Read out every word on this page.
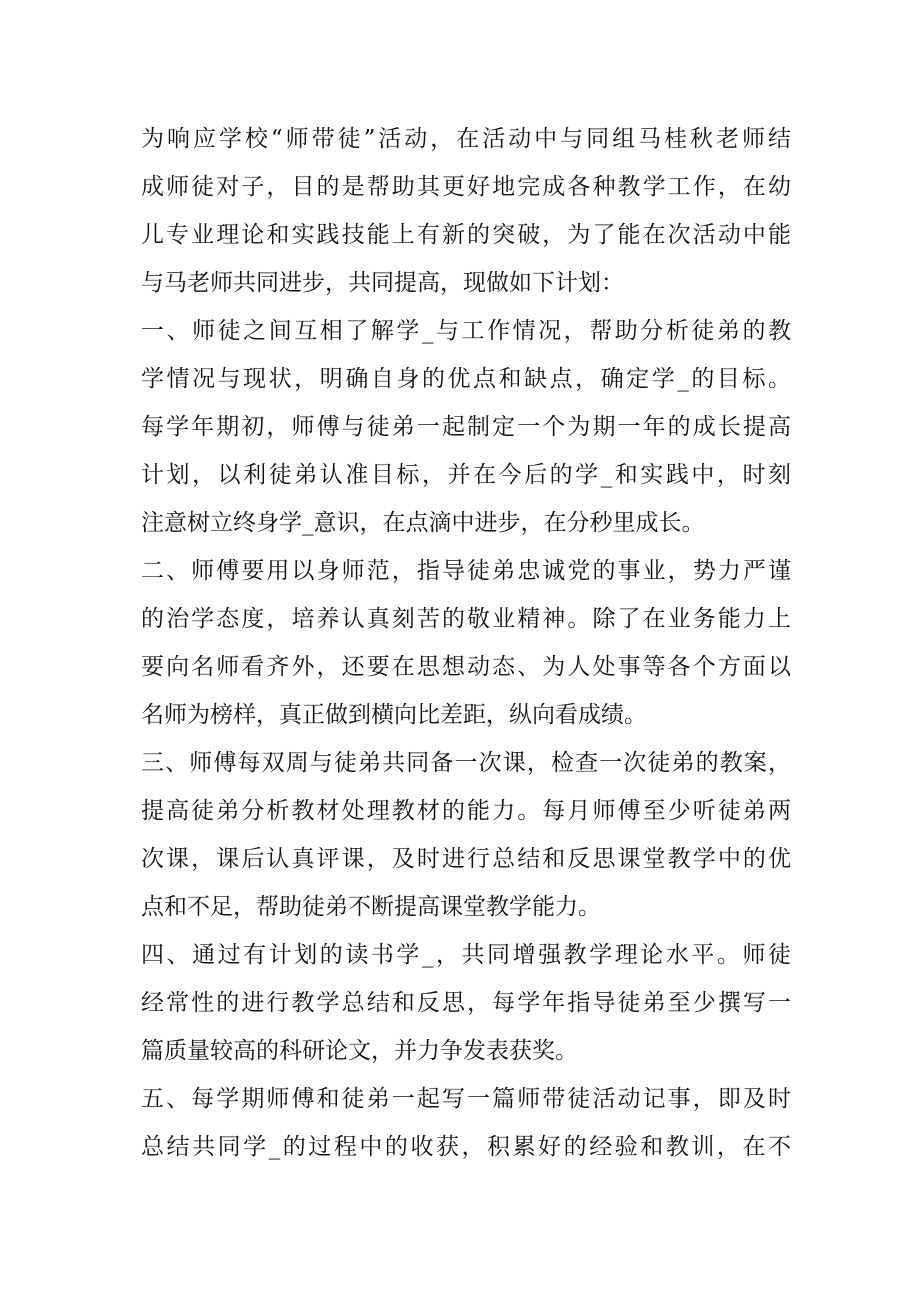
为响应学校“师带徒”活动，在活动中与同组马桂秋老师结
成师徒对子，目的是帮助其更好地完成各种教学工作，在幼
儿专业理论和实践技能上有新的突破，为了能在次活动中能
与马老师共同进步，共同提高，现做如下计划：
一、师徒之间互相了解学_与工作情况，帮助分析徒弟的教
学情况与现状，明确自身的优点和缺点，确定学_的目标。
每学年期初，师傅与徒弟一起制定一个为期一年的成长提高
计划，以利徒弟认准目标，并在今后的学_和实践中，时刻
注意树立终身学_意识，在点滴中进步，在分秒里成长。
二、师傅要用以身师范，指导徒弟忠诚党的事业，势力严谨
的治学态度，培养认真刻苦的敬业精神。除了在业务能力上
要向名师看齐外，还要在思想动态、为人处事等各个方面以
名师为榜样，真正做到横向比差距，纵向看成绩。
三、师傅每双周与徒弟共同备一次课，检查一次徒弟的教案，
提高徒弟分析教材处理教材的能力。每月师傅至少听徒弟两
次课，课后认真评课，及时进行总结和反思课堂教学中的优
点和不足，帮助徒弟不断提高课堂教学能力。
四、通过有计划的读书学_，共同增强教学理论水平。师徒
经常性的进行教学总结和反思，每学年指导徒弟至少撰写一
篇质量较高的科研论文，并力争发表获奖。
五、每学期师傅和徒弟一起写一篇师带徒活动记事，即及时
总结共同学_的过程中的收获，积累好的经验和教训，在不
